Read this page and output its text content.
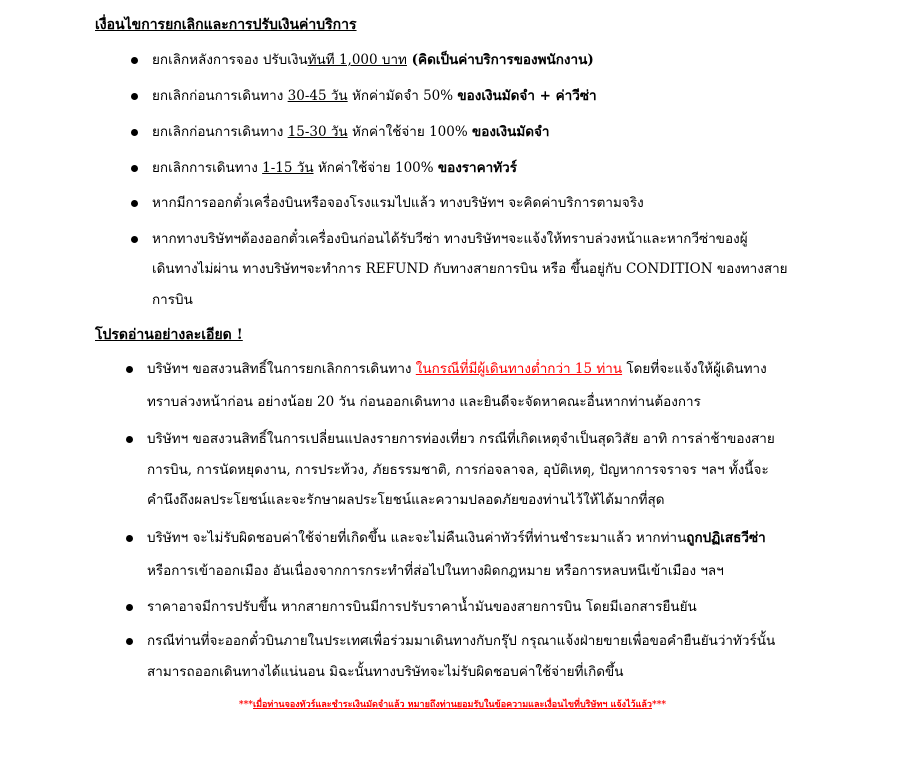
เงื่อนไขการยกเลิกและการปรับเงินค่าบริการ
ยกเลิกหลังการจอง ปรับเงินทันที 1,000 บาท (คิดเป็นค่าบริการของพนักงาน)
ยกเลิกก่อนการเดินทาง 30-45 วัน หักค่ามัดจำ 50% ของเงินมัดจำ + ค่าวีซ่า
ยกเลิกก่อนการเดินทาง 15-30 วัน หักค่าใช้จ่าย 100% ของเงินมัดจำ
ยกเลิกการเดินทาง 1-15 วัน หักค่าใช้จ่าย 100% ของราคาทัวร์
หากมีการออกตั๋วเครื่องบินหรือจองโรงแรมไปแล้ว ทางบริษัทฯ จะคิดค่าบริการตามจริง
หากทางบริษัทฯต้องออกตั๋วเครื่องบินก่อนได้รับวีซ่า ทางบริษัทฯจะแจ้งให้ทราบล่วงหน้าและหากวีซ่าของผู้
เดินทางไม่ผ่าน ทางบริษัทฯจะทำการ REFUND กับทางสายการบิน หรือ ขึ้นอยู่กับ CONDITION ของทางสาย
การบิน
โปรดอ่านอย่างละเอียด !
บริษัทฯ ขอสงวนสิทธิ์ในการยกเลิกการเดินทาง ในกรณีที่มีผู้เดินทางต่ำกว่า 15 ท่าน โดยที่จะแจ้งให้ผู้เดินทาง
ทราบล่วงหน้าก่อน อย่างน้อย 20 วัน ก่อนออกเดินทาง และยินดีจะจัดหาคณะอื่นหากท่านต้องการ
บริษัทฯ ขอสงวนสิทธิ์ในการเปลี่ยนแปลงรายการท่องเที่ยว กรณีที่เกิดเหตุจำเป็นสุดวิสัย อาทิ การล่าช้าของสาย
การบิน, การนัดหยุดงาน, การประท้วง, ภัยธรรมชาติ, การก่อจลาจล, อุบัติเหตุ, ปัญหาการจราจร ฯลฯ ทั้งนี้จะ
คำนึงถึงผลประโยชน์และจะรักษาผลประโยชน์และความปลอดภัยของท่านไว้ให้ได้มากที่สุด
บริษัทฯ จะไม่รับผิดชอบค่าใช้จ่ายที่เกิดขึ้น และจะไม่คืนเงินค่าทัวร์ที่ท่านชำระมาแล้ว หากท่านถูกปฏิเสธวีซ่า
หรือการเข้าออกเมือง อันเนื่องจากการกระทำที่ส่อไปในทางผิดกฎหมาย หรือการหลบหนีเข้าเมือง ฯลฯ
ราคาอาจมีการปรับขึ้น หากสายการบินมีการปรับราคาน้ำมันของสายการบิน โดยมีเอกสารยืนยัน
กรณีท่านที่จะออกตั๋วบินภายในประเทศเพื่อร่วมมาเดินทางกับกรุ๊ป กรุณาแจ้งฝ่ายขายเพื่อขอคำยืนยันว่าทัวร์นั้น
สามารถออกเดินทางได้แน่นอน มิฉะนั้นทางบริษัทจะไม่รับผิดชอบค่าใช้จ่ายที่เกิดขึ้น
***เมื่อท่านจองทัวร์และชำระเงินมัดจำแล้ว หมายถึงท่านยอมรับในข้อความและเงื่อนไขที่บริษัทฯ แจ้งไว้แล้ว***
